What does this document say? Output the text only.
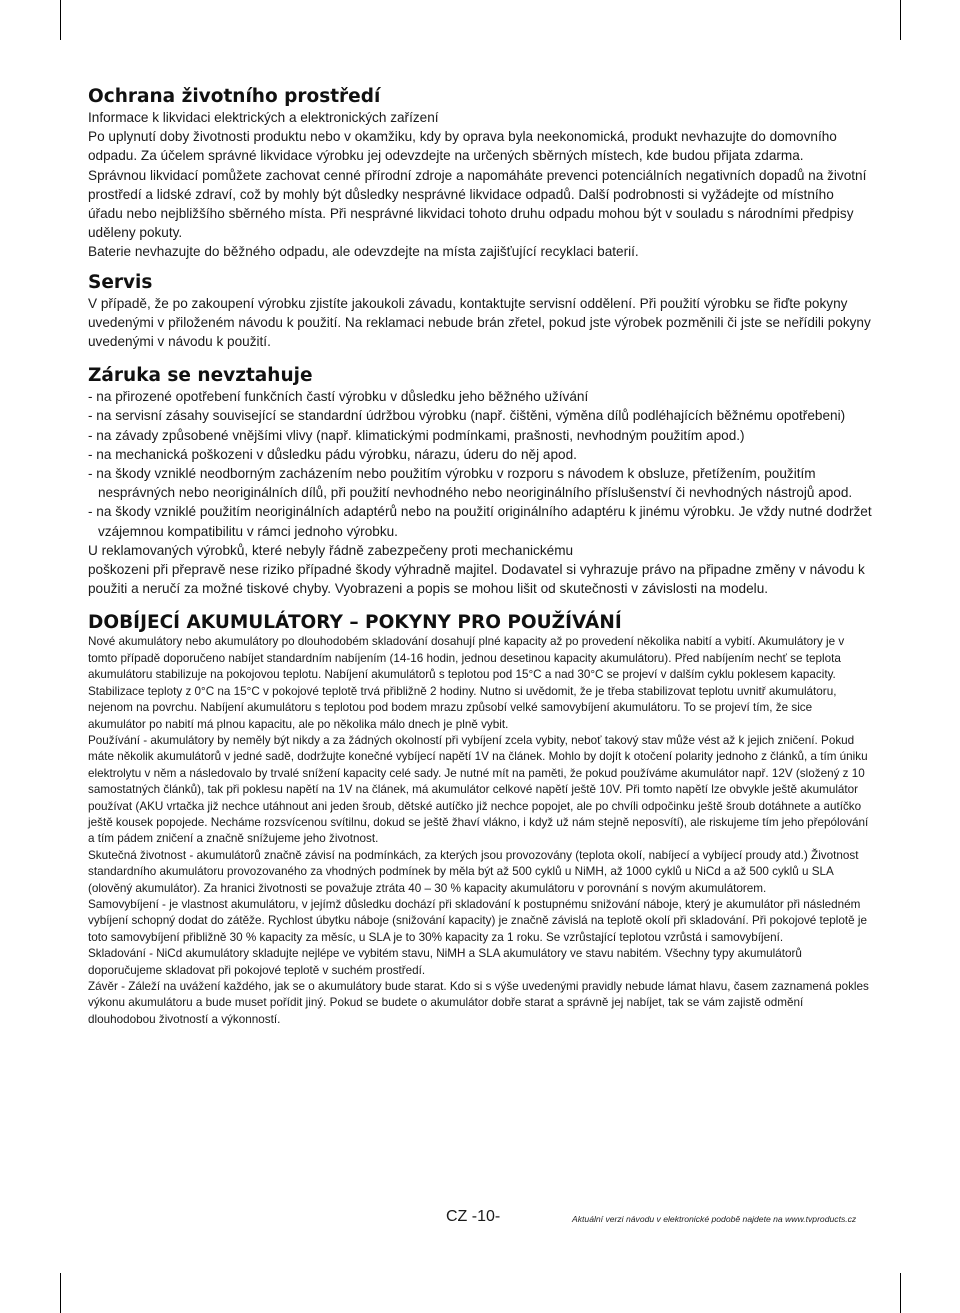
Ochrana životního prostředí

Informace k likvidaci elektrických a elektronických zařízení

Po uplynutí doby životnosti produktu nebo v okamžiku, kdy by oprava byla neekonomická, produkt nevhazujte do domovního odpadu. Za účelem správné likvidace výrobku jej odevzdejte na určených sběrných místech, kde budou přijata zdarma.

Správnou likvidací pomůžete zachovat cenné přírodní zdroje a napomáháte prevenci potenciálních negativních dopadů na životní prostředí a lidské zdraví, což by mohly být důsledky nesprávné likvidace odpadů. Další podrobnosti si vyžádejte od místního úřadu nebo nejbližšího sběrného místa. Při nesprávné likvidaci tohoto druhu odpadu mohou být v souladu s národními předpisy uděleny pokuty.

Baterie nevhazujte do běžného odpadu, ale odevzdejte na místa zajišťující recyklaci baterií.

Servis

V případě, že po zakoupení výrobku zjistíte jakoukoli závadu, kontaktujte servisní oddělení. Při použití výrobku se řiďte pokyny uvedenými v přiloženém návodu k použití. Na reklamaci nebude brán zřetel, pokud jste výrobek pozměnili či jste se neřídili pokyny uvedenými v návodu k použití.

Záruka se nevztahuje

- na přirozené opotřebení funkčních častí výrobku v důsledku jeho běžného užívání

- na servisní zásahy související se standardní údržbou výrobku (např. čištěni, výměna dílů podléhajících běžnému opotřebeni)

- na závady způsobené vnějšími vlivy (např. klimatickými podmínkami, prašnosti, nevhodným použitím apod.)

- na mechanická poškozeni v důsledku pádu výrobku, nárazu, úderu do něj apod.

- na škody vzniklé neodborným zacházením nebo použitím výrobku v rozporu s návodem k obsluze, přetížením, použitím nesprávných nebo neoriginálních dílů, při použití nevhodného nebo neoriginálního příslušenství či nevhodných nástrojů apod.

- na škody vzniklé použitím neoriginálních adaptérů nebo na použití originálního adaptéru k jinému výrobku. Je vždy nutné dodržet vzájemnou kompatibilitu v rámci jednoho výrobku.

U reklamovaných výrobků, které nebyly řádně zabezpečeny proti mechanickému

poškozeni při přepravě nese riziko případné škody výhradně majitel. Dodavatel si vyhrazuje právo na připadne změny v návodu k použiti a neručí za možné tiskové chyby. Vyobrazeni a popis se mohou lišit od skutečnosti v závislosti na modelu.

DOBÍJECÍ AKUMULÁTORY – POKYNY PRO POUŽÍVÁNÍ

Nové akumulátory nebo akumulátory po dlouhodobém skladování dosahují plné kapacity až po provedení několika nabití a vybití. Akumulátory je v tomto případě doporučeno nabíjet standardním nabíjením (14-16 hodin, jednou desetinou kapacity akumulátoru). Před nabíjením nechť se teplota akumulátoru stabilizuje na pokojovou teplotu. Nabíjení akumulátorů s teplotou pod 15°C a nad 30°C se projeví v dalším cyklu poklesem kapacity. Stabilizace teploty z 0°C na 15°C v pokojové teplotě trvá přibližně 2 hodiny. Nutno si uvědomit, že je třeba stabilizovat teplotu uvnitř akumulátoru, nejenom na povrchu. Nabíjení akumulátoru s teplotou pod bodem mrazu způsobí velké samovybíjení akumulátoru. To se projeví tím, že sice akumulátor po nabití má plnou kapacitu, ale po několika málo dnech je plně vybit.

Používání - akumulátory by neměly být nikdy a za žádných okolností při vybíjení zcela vybity, neboť takový stav může vést až k jejich zničení. Pokud máte několik akumulátorů v jedné sadě, dodržujte konečné vybíjecí napětí 1V na článek. Mohlo by dojít k otočení polarity jednoho z článků, a tím úniku elektrolytu v něm a následovalo by trvalé snížení kapacity celé sady. Je nutné mít na paměti, že pokud používáme akumulátor např. 12V (složený z 10 samostatných článků), tak při poklesu napětí na 1V na článek, má akumulátor celkové napětí ještě 10V. Při tomto napětí lze obvykle ještě akumulátor používat (AKU vrtačka již nechce utáhnout ani jeden šroub, dětské autíčko již nechce popojet, ale po chvíli odpočinku ještě šroub dotáhnete a autíčko ještě kousek popojede. Necháme rozsvícenou svítilnu, dokud se ještě žhaví vlákno, i když už nám stejně neposvítí), ale riskujeme tím jeho přepólování a tím pádem zničení a značně snížujeme jeho životnost.

Skutečná životnost - akumulátorů značně závisí na podmínkách, za kterých jsou provozovány (teplota okolí, nabíjecí a vybíjecí proudy atd.) Životnost standardního akumulátoru provozovaného za vhodných podmínek by měla být až 500 cyklů u NiMH, až 1000 cyklů u NiCd a až 500 cyklů u SLA (olověný akumulátor). Za hranici životnosti se považuje ztráta 40 – 30 % kapacity akumulátoru v porovnání s novým akumulátorem.

Samovybíjení - je vlastnost akumulátoru, v jejímž důsledku dochází při skladování k postupnému snižování náboje, který je akumulátor při následném vybíjení schopný dodat do zátěže. Rychlost úbytku náboje (snižování kapacity) je značně závislá na teplotě okolí při skladování. Při pokojové teplotě je toto samovybíjení přibližně 30 % kapacity za měsíc, u SLA je to 30% kapacity za 1 roku. Se vzrůstající teplotou vzrůstá i samovybíjení.

Skladování - NiCd akumulátory skladujte nejlépe ve vybitém stavu, NiMH a SLA akumulátory ve stavu nabitém. Všechny typy akumulátorů doporučujeme skladovat při pokojové teplotě v suchém prostředí.

Závěr - Záleží na uvážení každého, jak se o akumulátory bude starat. Kdo si s výše uvedenými pravidly nebude lámat hlavu, časem zaznamená pokles výkonu akumulátoru a bude muset pořídit jiný. Pokud se budete o akumulátor dobře starat a správně jej nabíjet, tak se vám zajistě odmění dlouhodobou životností a výkonností.

CZ -10-	Aktuální verzi návodu v elektronické podobě najdete na www.tvproducts.cz
